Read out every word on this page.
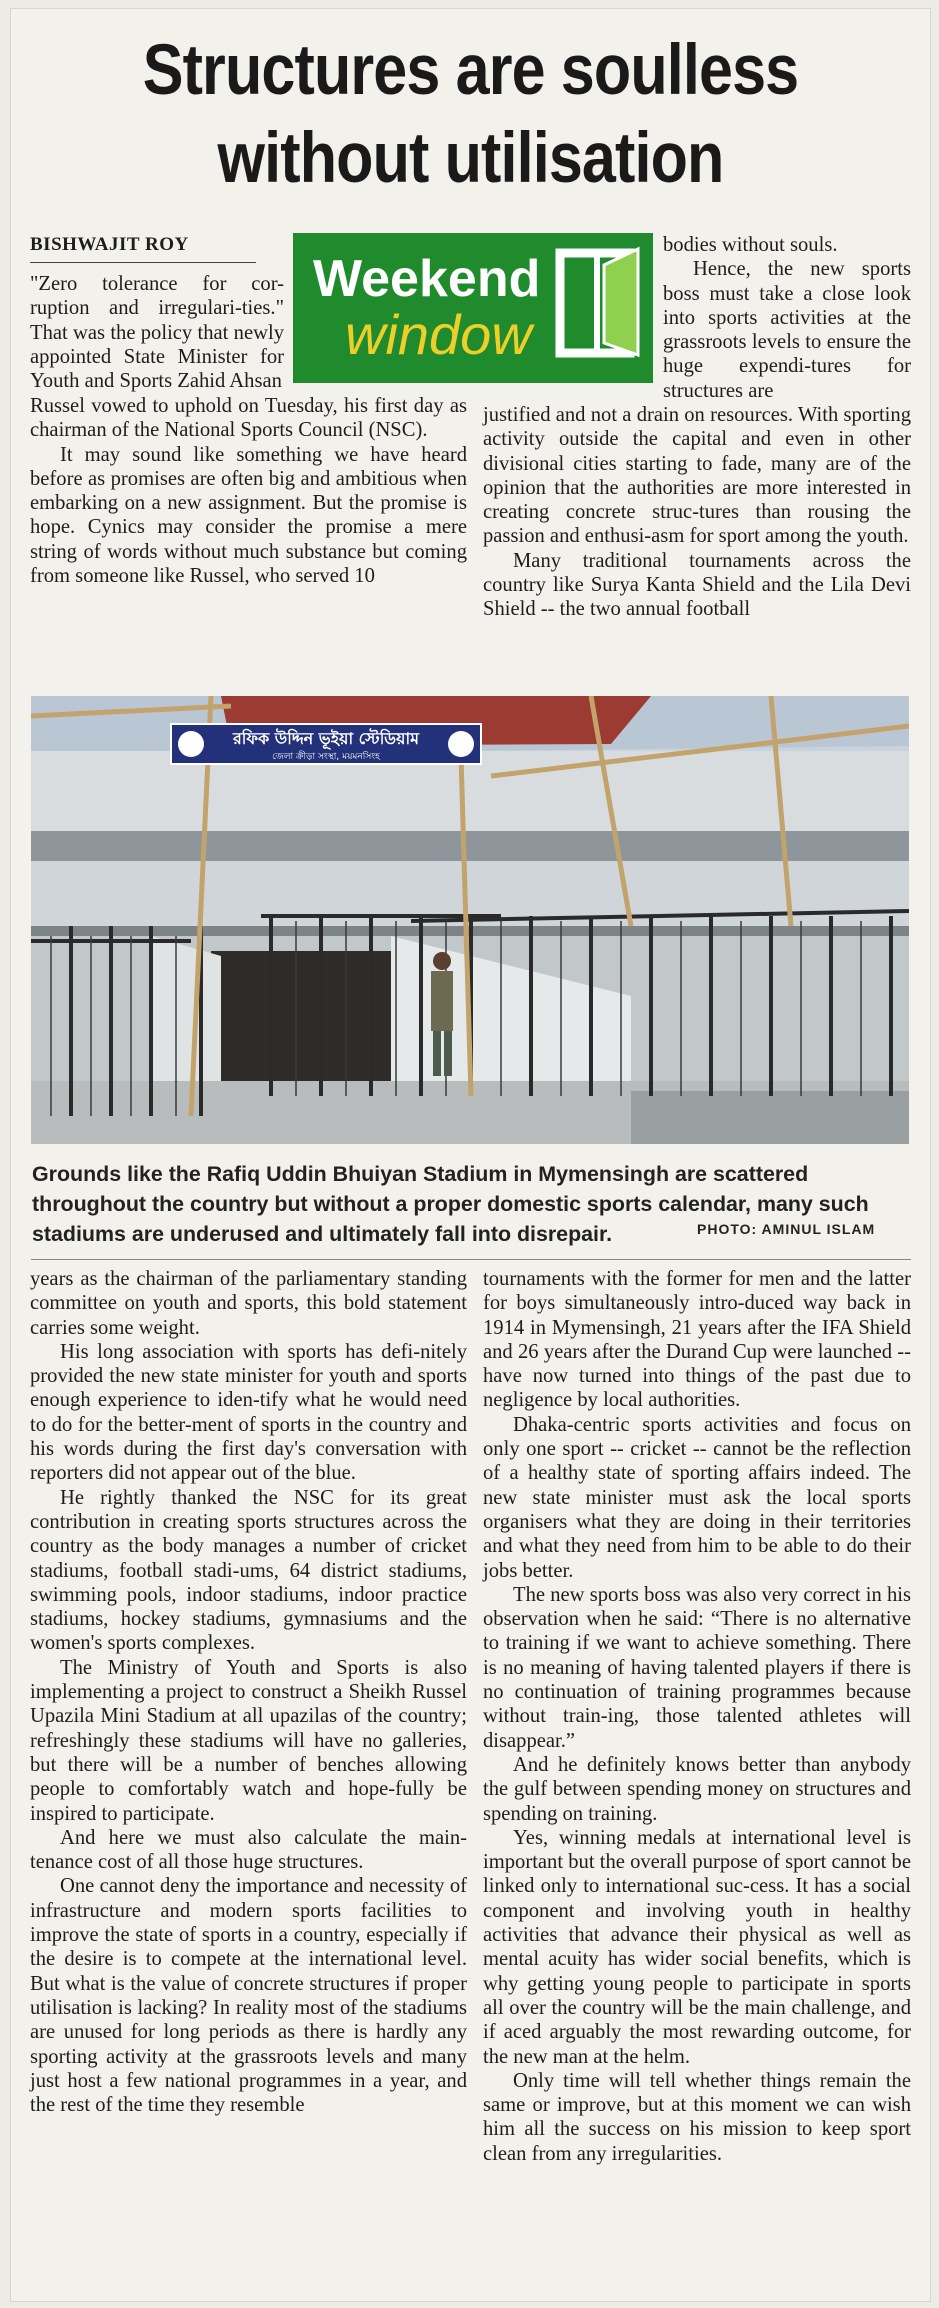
Structures are soulless
without utilisation
BISHWAJIT ROY
Weekend
window

"Zero tolerance for cor-ruption and irregulari-ties." That was the policy that newly appointed State Minister for Youth and Sports Zahid Ahsan

Russel vowed to uphold on Tuesday, his first day as chairman of the National Sports Council (NSC).

It may sound like something we have heard before as promises are often big and ambitious when embarking on a new assignment. But the promise is hope. Cynics may consider the promise a mere string of words without much substance but coming from someone like Russel, who served 10

bodies without souls.

Hence, the new sports boss must take a close look into sports activities at the grassroots levels to ensure the huge expendi-tures for structures are

justified and not a drain on resources. With sporting activity outside the capital and even in other divisional cities starting to fade, many are of the opinion that the authorities are more interested in creating concrete struc-tures than rousing the passion and enthusi-asm for sport among the youth.

Many traditional tournaments across the country like Surya Kanta Shield and the Lila Devi Shield -- the two annual football

রফিক উদ্দিন ভূইয়া স্টেডিয়াম
জেলা ক্রীড়া সংস্থা, ময়মনসিংহ
Grounds like the Rafiq Uddin Bhuiyan Stadium in Mymensingh are scattered throughout the country but without a proper domestic sports calendar, many such stadiums are underused and ultimately fall into disrepair.	PHOTO: AMINUL ISLAM

years as the chairman of the parliamentary standing committee on youth and sports, this bold statement carries some weight.

His long association with sports has defi-nitely provided the new state minister for youth and sports enough experience to iden-tify what he would need to do for the better-ment of sports in the country and his words during the first day's conversation with reporters did not appear out of the blue.

He rightly thanked the NSC for its great contribution in creating sports structures across the country as the body manages a number of cricket stadiums, football stadi-ums, 64 district stadiums, swimming pools, indoor stadiums, indoor practice stadiums, hockey stadiums, gymnasiums and the women's sports complexes.

The Ministry of Youth and Sports is also implementing a project to construct a Sheikh Russel Upazila Mini Stadium at all upazilas of the country; refreshingly these stadiums will have no galleries, but there will be a number of benches allowing people to comfortably watch and hope-fully be inspired to participate.

And here we must also calculate the main-tenance cost of all those huge structures.

One cannot deny the importance and necessity of infrastructure and modern sports facilities to improve the state of sports in a country, especially if the desire is to compete at the international level. But what is the value of concrete structures if proper utilisation is lacking? In reality most of the stadiums are unused for long periods as there is hardly any sporting activity at the grassroots levels and many just host a few national programmes in a year, and the rest of the time they resemble

tournaments with the former for men and the latter for boys simultaneously intro-duced way back in 1914 in Mymensingh, 21 years after the IFA Shield and 26 years after the Durand Cup were launched -- have now turned into things of the past due to negligence by local authorities.

Dhaka-centric sports activities and focus on only one sport -- cricket -- cannot be the reflection of a healthy state of sporting affairs indeed. The new state minister must ask the local sports organisers what they are doing in their territories and what they need from him to be able to do their jobs better.

The new sports boss was also very correct in his observation when he said: “There is no alternative to training if we want to achieve something. There is no meaning of having talented players if there is no continuation of training programmes because without train-ing, those talented athletes will disappear.”

And he definitely knows better than anybody the gulf between spending money on structures and spending on training.

Yes, winning medals at international level is important but the overall purpose of sport cannot be linked only to international suc-cess. It has a social component and involving youth in healthy activities that advance their physical as well as mental acuity has wider social benefits, which is why getting young people to participate in sports all over the country will be the main challenge, and if aced arguably the most rewarding outcome, for the new man at the helm.

Only time will tell whether things remain the same or improve, but at this moment we can wish him all the success on his mission to keep sport clean from any irregularities.
